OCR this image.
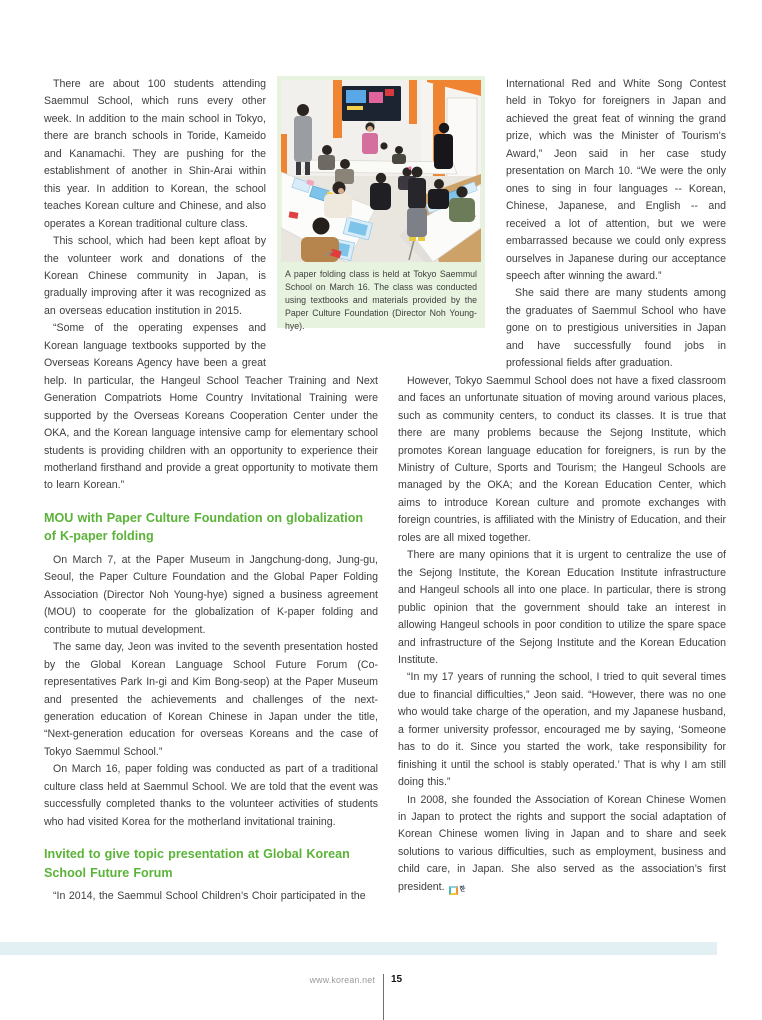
There are about 100 students attending Saemmul School, which runs every other week. In addition to the main school in Tokyo, there are branch schools in Toride, Kameido and Kanamachi. They are pushing for the establishment of another in Shin-Arai within this year. In addition to Korean, the school teaches Korean culture and Chinese, and also operates a Korean traditional culture class.

This school, which had been kept afloat by the volunteer work and donations of the Korean Chinese community in Japan, is gradually improving after it was recognized as an overseas education institution in 2015.

“Some of the operating expenses and Korean language textbooks supported by the Overseas Koreans Agency have been a great help. In particular, the Hangeul School Teacher Training and Next Generation Compatriots Home Country Invitational Training were supported by the Overseas Koreans Cooperation Center under the OKA, and the Korean language intensive camp for elementary school students is providing children with an opportunity to experience their motherland firsthand and provide a great opportunity to motivate them to learn Korean.”

MOU with Paper Culture Foundation on globalization of K-paper folding

On March 7, at the Paper Museum in Jangchung-dong, Jung-gu, Seoul, the Paper Culture Foundation and the Global Paper Folding Association (Director Noh Young-hye) signed a business agreement (MOU) to cooperate for the globalization of K-paper folding and contribute to mutual development.

The same day, Jeon was invited to the seventh presentation hosted by the Global Korean Language School Future Forum (Co-representatives Park In-gi and Kim Bong-seop) at the Paper Museum and presented the achievements and challenges of the next-generation education of Korean Chinese in Japan under the title, “Next-generation education for overseas Koreans and the case of Tokyo Saemmul School.”

On March 16, paper folding was conducted as part of a traditional culture class held at Saemmul School. We are told that the event was successfully completed thanks to the volunteer activities of students who had visited Korea for the motherland invitational training.

Invited to give topic presentation at Global Korean School Future Forum

“In 2014, the Saemmul School Children’s Choir participated in the

International Red and White Song Contest held in Tokyo for foreigners in Japan and achieved the great feat of winning the grand prize, which was the Minister of Tourism’s Award,” Jeon said in her case study presentation on March 10. “We were the only ones to sing in four languages -- Korean, Chinese, Japanese, and English -- and received a lot of attention, but we were embarrassed because we could only express ourselves in Japanese during our acceptance speech after winning the award.”

She said there are many students among the graduates of Saemmul School who have gone on to prestigious universities in Japan and have successfully found jobs in professional fields after graduation.

However, Tokyo Saemmul School does not have a fixed classroom and faces an unfortunate situation of moving around various places, such as community centers, to conduct its classes. It is true that there are many problems because the Sejong Institute, which promotes Korean language education for foreigners, is run by the Ministry of Culture, Sports and Tourism; the Hangeul Schools are managed by the OKA; and the Korean Education Center, which aims to introduce Korean culture and promote exchanges with foreign countries, is affiliated with the Ministry of Education, and their roles are all mixed together.

There are many opinions that it is urgent to centralize the use of the Sejong Institute, the Korean Education Institute infrastructure and Hangeul schools all into one place. In particular, there is strong public opinion that the government should take an interest in allowing Hangeul schools in poor condition to utilize the spare space and infrastructure of the Sejong Institute and the Korean Education Institute.

“In my 17 years of running the school, I tried to quit several times due to financial difficulties,” Jeon said. “However, there was no one who would take charge of the operation, and my Japanese husband, a former university professor, encouraged me by saying, ‘Someone has to do it. Since you started the work, take responsibility for finishing it until the school is stably operated.’ That is why I am still doing this.”

In 2008, she founded the Association of Korean Chinese Women in Japan to protect the rights and support the social adaptation of Korean Chinese women living in Japan and to share and seek solutions to various difficulties, such as employment, business and child care, in Japan. She also served as the association’s first president.	한

A paper folding class is held at Tokyo Saemmul School on March 16. The class was conducted using textbooks and materials provided by the Paper Culture Foundation (Director Noh Young-hye).
www.korean.net 15
